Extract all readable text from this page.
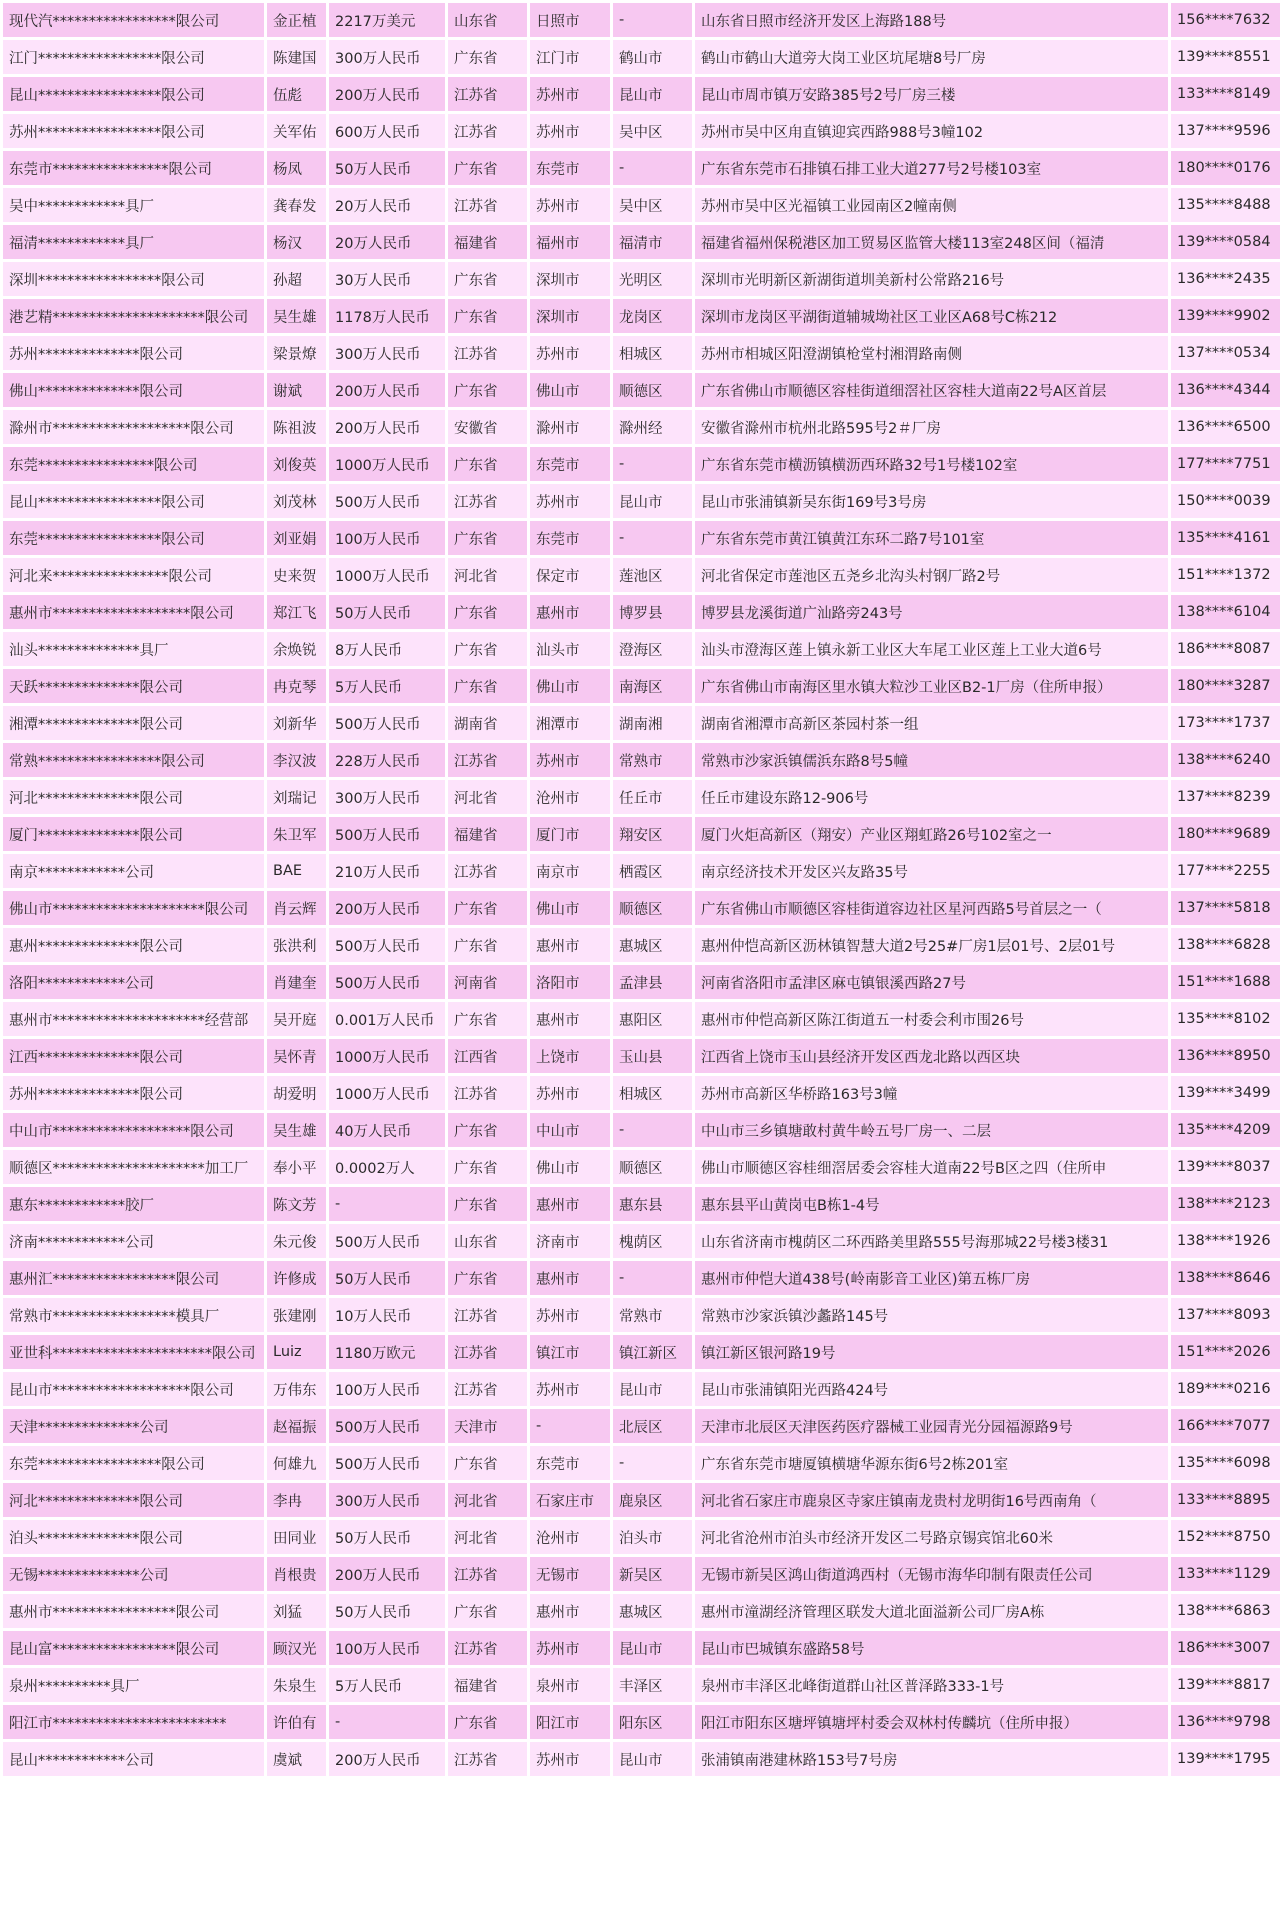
现代汽*****************限公司	金正植	2217万美元	山东省	日照市	-	山东省日照市经济开发区上海路188号	156****7632
江门*****************限公司	陈建国	300万人民币	广东省	江门市	鹤山市	鹤山市鹤山大道旁大岗工业区坑尾塘8号厂房	139****8551
昆山*****************限公司	伍彪	200万人民币	江苏省	苏州市	昆山市	昆山市周市镇万安路385号2号厂房三楼	133****8149
苏州*****************限公司	关军佑	600万人民币	江苏省	苏州市	吴中区	苏州市吴中区甪直镇迎宾西路988号3幢102	137****9596
东莞市****************限公司	杨凤	50万人民币	广东省	东莞市	-	广东省东莞市石排镇石排工业大道277号2号楼103室	180****0176
吴中************具厂	龚春发	20万人民币	江苏省	苏州市	吴中区	苏州市吴中区光福镇工业园南区2幢南侧	135****8488
福清************具厂	杨汉	20万人民币	福建省	福州市	福清市	福建省福州保税港区加工贸易区监管大楼113室248区间（福清	139****0584
深圳*****************限公司	孙超	30万人民币	广东省	深圳市	光明区	深圳市光明新区新湖街道圳美新村公常路216号	136****2435
港艺精*********************限公司	吴生雄	1178万人民币	广东省	深圳市	龙岗区	深圳市龙岗区平湖街道辅城坳社区工业区A68号C栋212	139****9902
苏州**************限公司	梁景燎	300万人民币	江苏省	苏州市	相城区	苏州市相城区阳澄湖镇枪堂村湘渭路南侧	137****0534
佛山**************限公司	谢斌	200万人民币	广东省	佛山市	顺德区	广东省佛山市顺德区容桂街道细滘社区容桂大道南22号A区首层	136****4344
滁州市*******************限公司	陈祖波	200万人民币	安徽省	滁州市	滁州经	安徽省滁州市杭州北路595号2＃厂房	136****6500
东莞****************限公司	刘俊英	1000万人民币	广东省	东莞市	-	广东省东莞市横沥镇横沥西环路32号1号楼102室	177****7751
昆山*****************限公司	刘茂林	500万人民币	江苏省	苏州市	昆山市	昆山市张浦镇新吴东街169号3号房	150****0039
东莞*****************限公司	刘亚娟	100万人民币	广东省	东莞市	-	广东省东莞市黄江镇黄江东环二路7号101室	135****4161
河北来****************限公司	史来贺	1000万人民币	河北省	保定市	莲池区	河北省保定市莲池区五尧乡北沟头村钢厂路2号	151****1372
惠州市*******************限公司	郑江飞	50万人民币	广东省	惠州市	博罗县	博罗县龙溪街道广汕路旁243号	138****6104
汕头**************具厂	余焕锐	8万人民币	广东省	汕头市	澄海区	汕头市澄海区莲上镇永新工业区大车尾工业区莲上工业大道6号	186****8087
天跃**************限公司	冉克琴	5万人民币	广东省	佛山市	南海区	广东省佛山市南海区里水镇大粒沙工业区B2-1厂房（住所申报）	180****3287
湘潭**************限公司	刘新华	500万人民币	湖南省	湘潭市	湖南湘	湖南省湘潭市高新区茶园村茶一组	173****1737
常熟*****************限公司	李汉波	228万人民币	江苏省	苏州市	常熟市	常熟市沙家浜镇儒浜东路8号5幢	138****6240
河北**************限公司	刘瑞记	300万人民币	河北省	沧州市	任丘市	任丘市建设东路12-906号	137****8239
厦门**************限公司	朱卫军	500万人民币	福建省	厦门市	翔安区	厦门火炬高新区（翔安）产业区翔虹路26号102室之一	180****9689
南京************公司	BAE	210万人民币	江苏省	南京市	栖霞区	南京经济技术开发区兴友路35号	177****2255
佛山市*********************限公司	肖云辉	200万人民币	广东省	佛山市	顺德区	广东省佛山市顺德区容桂街道容边社区星河西路5号首层之一（	137****5818
惠州**************限公司	张洪利	500万人民币	广东省	惠州市	惠城区	惠州仲恺高新区沥林镇智慧大道2号25#厂房1层01号、2层01号	138****6828
洛阳************公司	肖建奎	500万人民币	河南省	洛阳市	孟津县	河南省洛阳市孟津区麻屯镇银溪西路27号	151****1688
惠州市*********************经营部	吴开庭	0.001万人民币	广东省	惠州市	惠阳区	惠州市仲恺高新区陈江街道五一村委会利市围26号	135****8102
江西**************限公司	吴怀青	1000万人民币	江西省	上饶市	玉山县	江西省上饶市玉山县经济开发区西龙北路以西区块	136****8950
苏州**************限公司	胡爱明	1000万人民币	江苏省	苏州市	相城区	苏州市高新区华桥路163号3幢	139****3499
中山市*******************限公司	吴生雄	40万人民币	广东省	中山市	-	中山市三乡镇塘敢村黄牛岭五号厂房一、二层	135****4209
顺德区*********************加工厂	奉小平	0.0002万人	广东省	佛山市	顺德区	佛山市顺德区容桂细滘居委会容桂大道南22号B区之四（住所申	139****8037
惠东************胶厂	陈文芳	-	广东省	惠州市	惠东县	惠东县平山黄岗屯B栋1-4号	138****2123
济南************公司	朱元俊	500万人民币	山东省	济南市	槐荫区	山东省济南市槐荫区二环西路美里路555号海那城22号楼3楼31	138****1926
惠州汇*****************限公司	许修成	50万人民币	广东省	惠州市	-	惠州市仲恺大道438号(岭南影音工业区)第五栋厂房	138****8646
常熟市*****************模具厂	张建刚	10万人民币	江苏省	苏州市	常熟市	常熟市沙家浜镇沙蠡路145号	137****8093
亚世科**********************限公司	Luiz	1180万欧元	江苏省	镇江市	镇江新区	镇江新区银河路19号	151****2026
昆山市*******************限公司	万伟东	100万人民币	江苏省	苏州市	昆山市	昆山市张浦镇阳光西路424号	189****0216
天津**************公司	赵福振	500万人民币	天津市	-	北辰区	天津市北辰区天津医药医疗器械工业园青光分园福源路9号	166****7077
东莞*****************限公司	何雄九	500万人民币	广东省	东莞市	-	广东省东莞市塘厦镇横塘华源东街6号2栋201室	135****6098
河北**************限公司	李冉	300万人民币	河北省	石家庄市	鹿泉区	河北省石家庄市鹿泉区寺家庄镇南龙贵村龙明街16号西南角（	133****8895
泊头**************限公司	田同业	50万人民币	河北省	沧州市	泊头市	河北省沧州市泊头市经济开发区二号路京锡宾馆北60米	152****8750
无锡**************公司	肖根贵	200万人民币	江苏省	无锡市	新吴区	无锡市新吴区鸿山街道鸿西村（无锡市海华印制有限责任公司	133****1129
惠州市*****************限公司	刘猛	50万人民币	广东省	惠州市	惠城区	惠州市潼湖经济管理区联发大道北面溢新公司厂房A栋	138****6863
昆山富*****************限公司	顾汉光	100万人民币	江苏省	苏州市	昆山市	昆山市巴城镇东盛路58号	186****3007
泉州**********具厂	朱泉生	5万人民币	福建省	泉州市	丰泽区	泉州市丰泽区北峰街道群山社区普泽路333-1号	139****8817
阳江市************************	许伯有	-	广东省	阳江市	阳东区	阳江市阳东区塘坪镇塘坪村委会双林村传麟坑（住所申报）	136****9798
昆山************公司	虞斌	200万人民币	江苏省	苏州市	昆山市	张浦镇南港建林路153号7号房	139****1795
